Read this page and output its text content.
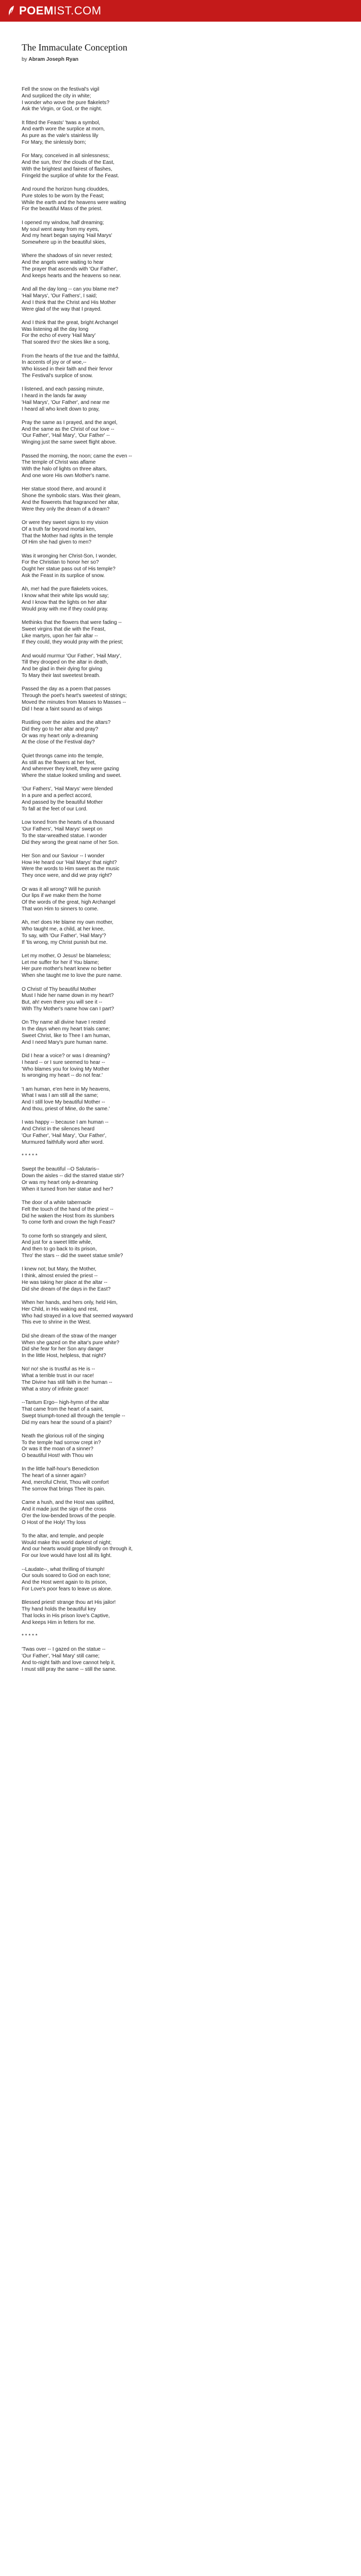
POEM IST.COM
The Immaculate Conception
by Abram Joseph Ryan
Fell the snow on the festival's vigil
And surpliced the city in white;
I wonder who wove the pure flakelets?
Ask the Virgin, or God, or the night.
It fitted the Feasts' 'twas a symbol,
And earth wore the surplice at morn,
As pure as the vale's stainless lily
For Mary, the sinlessly born;
For Mary, conceived in all sinlessness;
And the sun, thro' the clouds of the East,
With the brightest and fairest of flashes,
Fringeld the surplice of white for the Feast.
And round the horizon hung clouddes,
Pure stoles to be worn by the Feast;
While the earth and the heavens were waiting
For the beautiful Mass of the priest.
I opened my window, half dreaming;
My soul went away from my eyes,
And my heart began saying 'Hail Marys'
Somewhere up in the beautiful skies,
Where the shadows of sin never rested;
And the angels were waiting to hear
The prayer that ascends with 'Our Father',
And keeps hearts and the heavens so near.
And all the day long -- can you blame me?
'Hail Marys', 'Our Fathers', I said;
And I think that the Christ and His Mother
Were glad of the way that I prayed.
And I think that the great, bright Archangel
Was listening all the day long
For the echo of every 'Hail Mary'
That soared thro' the skies like a song,
From the hearts of the true and the faithful,
In accents of joy or of woe,--
Who kissed in their faith and their fervor
The Festival's surplice of snow.
I listened, and each passing minute,
I heard in the lands far away
'Hail Marys', 'Our Father', and near me
I heard all who knelt down to pray,
Pray the same as I prayed, and the angel,
And the same as the Christ of our love --
'Our Father', 'Hail Mary', 'Our Father' --
Winging just the same sweet flight above.
Passed the morning, the noon; came the even --
The temple of Christ was aflame
With the halo of lights on three altars,
And one wore His own Mother's name.
Her statue stood there, and around it
Shone the symbolic stars. Was their gleam,
And the flowerets that fragranced her altar,
Were they only the dream of a dream?
Or were they sweet signs to my vision
Of a truth far beyond mortal ken,
That the Mother had rights in the temple
Of Him she had given to men?
Was it wronging her Christ-Son, I wonder,
For the Christian to honor her so?
Ought her statue pass out of His temple?
Ask the Feast in its surplice of snow.
Ah, me! had the pure flakelets voices,
I know what their white lips would say;
And I know that the lights on her altar
Would pray with me if they could pray.
Methinks that the flowers that were fading --
Sweet virgins that die with the Feast,
Like martyrs, upon her fair altar --
If they could, they would pray with the priest;
And would murmur 'Our Father', 'Hail Mary',
Till they drooped on the altar in death,
And be glad in their dying for giving
To Mary their last sweetest breath.
Passed the day as a poem that passes
Through the poet's heart's sweetest of strings;
Moved the minutes from Masses to Masses --
Did I hear a faint sound as of wings
Rustling over the aisles and the altars?
Did they go to her altar and pray?
Or was my heart only a-dreaming
At the close of the Festival day?
Quiet throngs came into the temple,
As still as the flowers at her feet,
And wherever they knelt, they were gazing
Where the statue looked smiling and sweet.
'Our Fathers', 'Hail Marys' were blended
In a pure and a perfect accord,
And passed by the beautiful Mother
To fall at the feet of our Lord.
Low toned from the hearts of a thousand
'Our Fathers', 'Hail Marys' swept on
To the star-wreathed statue. I wonder
Did they wrong the great name of her Son.
Her Son and our Saviour -- I wonder
How He heard our 'Hail Marys' that night?
Were the words to Him sweet as the music
They once were, and did we pray right?
Or was it all wrong? Will he punish
Our lips if we make them the home
Of the words of the great, high Archangel
That won Him to sinners to come.
Ah, me! does He blame my own mother,
Who taught me, a child, at her knee,
To say, with 'Our Father', 'Hail Mary'?
If 'tis wrong, my Christ punish but me.
Let my mother, O Jesus! be blameless;
Let me suffer for her if You blame;
Her pure mother's heart knew no better
When she taught me to love the pure name.
O Christ! of Thy beautiful Mother
Must I hide her name down in my heart?
But, ah! even there you will see it --
With Thy Mother's name how can I part?
On Thy name all divine have I rested
In the days when my heart trials came;
Sweet Christ, like to Thee I am human,
And I need Mary's pure human name.
Did I hear a voice? or was I dreaming?
I heard -- or I sure seemed to hear --
'Who blames you for loving My Mother
Is wronging my heart -- do not fear.'
'I am human, e'en here in My heavens,
What I was I am still all the same;
And I still love My beautiful Mother --
And thou, priest of Mine, do the same.'
I was happy -- because I am human --
And Christ in the silences heard
'Our Father', 'Hail Mary', 'Our Father',
Murmured faithfully word after word.
* * * * *
Swept the beautiful --O Salutaris--
Down the aisles -- did the starred statue stir?
Or was my heart only a-dreaming
When it turned from her statue and her?
The door of a white tabernacle
Felt the touch of the hand of the priest --
Did he waken the Host from its slumbers
To come forth and crown the high Feast?
To come forth so strangely and silent,
And just for a sweet little while,
And then to go back to its prison,
Thro' the stars -- did the sweet statue smile?
I knew not; but Mary, the Mother,
I think, almost envied the priest --
He was taking her place at the altar --
Did she dream of the days in the East?
When her hands, and hers only, held Him,
Her Child, in His waking and rest,
Who had strayed in a love that seemed wayward
This eve to shrine in the West.
Did she dream of the straw of the manger
When she gazed on the altar's pure white?
Did she fear for her Son any danger
In the little Host, helpless, that night?
No! no! she is trustful as He is --
What a terrible trust in our race!
The Divine has still faith in the human --
What a story of infinite grace!
--Tantum Ergo-- high-hymn of the altar
That came from the heart of a saint,
Swept triumph-toned all through the temple --
Did my ears hear the sound of a plaint?
Neath the glorious roll of the singing
To the temple had sorrow crept in?
Or was it the moan of a sinner?
O beautiful Host! with Thou win
In the little half-hour's Benediction
The heart of a sinner again?
And, merciful Christ, Thou wilt comfort
The sorrow that brings Thee its pain.
Came a hush, and the Host was uplifted,
And it made just the sign of the cross
O'er the low-bended brows of the people.
O Host of the Holy! Thy loss
To the altar, and temple, and people
Would make this world darkest of night;
And our hearts would grope blindly on through it,
For our love would have lost all its light.
--Laudate--, what thrilling of triumph!
Our souls soared to God on each tone;
And the Host went again to its prison,
For Love's poor fears to leave us alone.
Blessed priest! strange thou art His jailor!
Thy hand holds the beautiful key
That locks in His prison love's Captive,
And keeps Him in fetters for me.
* * * * *
'Twas over -- I gazed on the statue --
'Our Father', 'Hail Mary' still came;
And to-night faith and love cannot help it,
I must still pray the same -- still the same.
